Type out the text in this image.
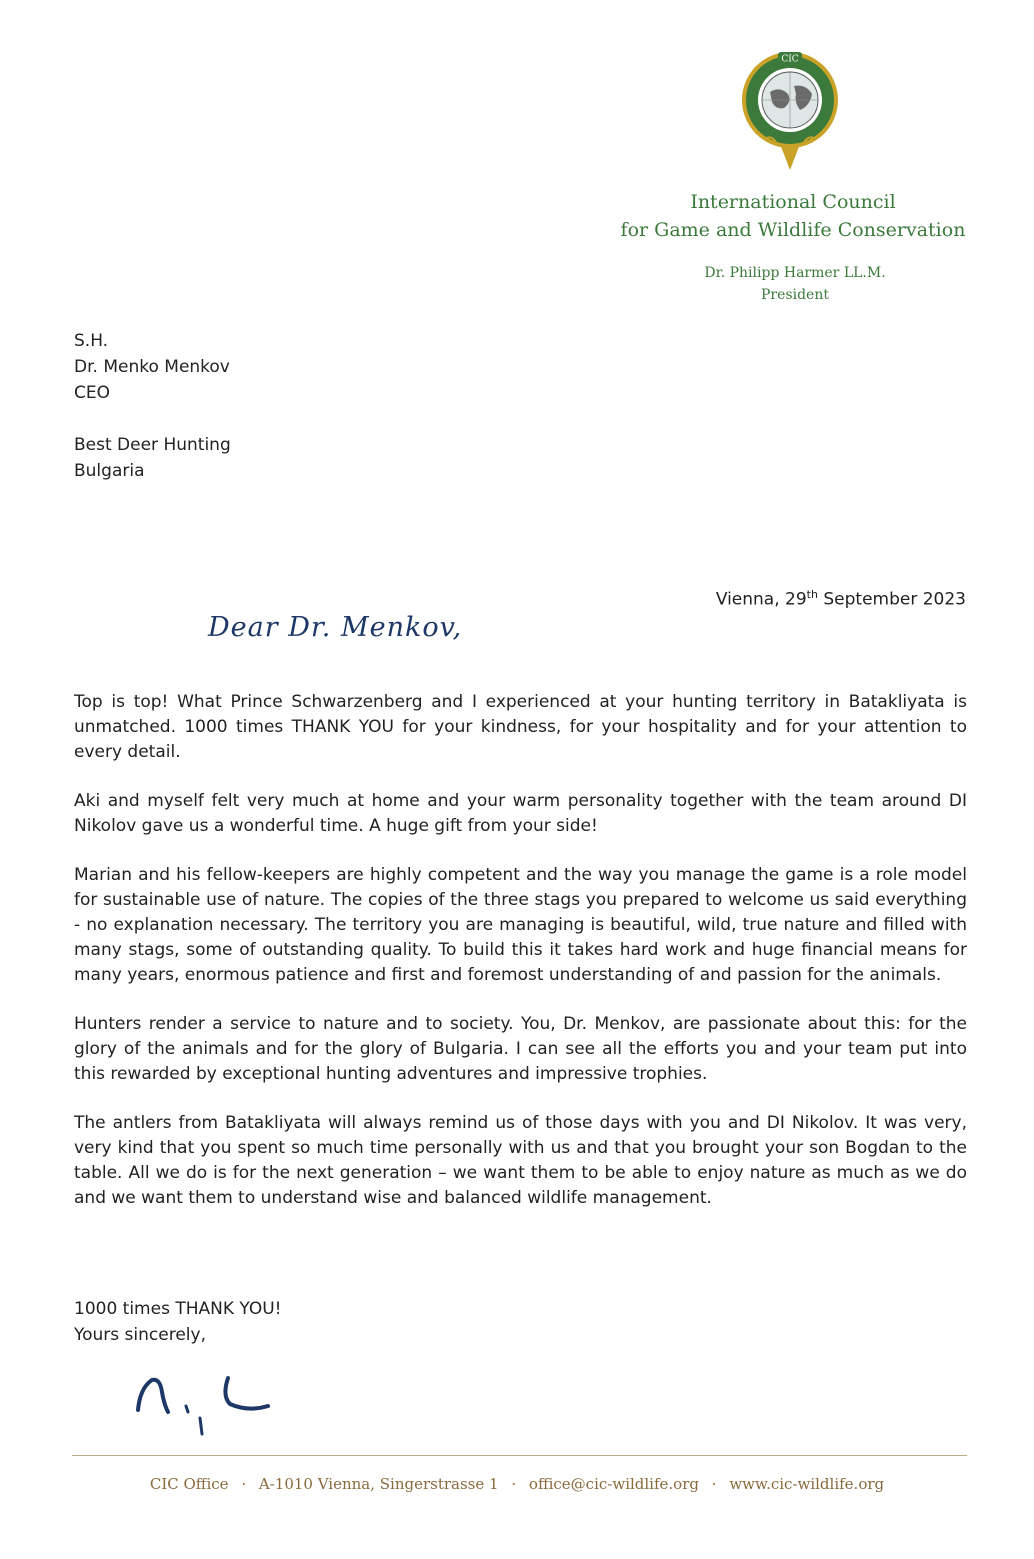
CIC
International Council
for Game and Wildlife Conservation
Dr. Philipp Harmer LL.M.
President
S.H.
Dr. Menko Menkov
CEO
Best Deer Hunting
Bulgaria
Vienna, 29th September 2023
Dear Dr. Menkov,

Top is top! What Prince Schwarzenberg and I experienced at your hunting territory in Batakliyata is unmatched. 1000 times THANK YOU for your kindness, for your hospitality and for your attention to every detail.

Aki and myself felt very much at home and your warm personality together with the team around DI Nikolov gave us a wonderful time. A huge gift from your side!

Marian and his fellow-keepers are highly competent and the way you manage the game is a role model for sustainable use of nature. The copies of the three stags you prepared to welcome us said everything - no explanation necessary. The territory you are managing is beautiful, wild, true nature and filled with many stags, some of outstanding quality. To build this it takes hard work and huge financial means for many years, enormous patience and first and foremost understanding of and passion for the animals.

Hunters render a service to nature and to society. You, Dr. Menkov, are passionate about this: for the glory of the animals and for the glory of Bulgaria. I can see all the efforts you and your team put into this rewarded by exceptional hunting adventures and impressive trophies.

The antlers from Batakliyata will always remind us of those days with you and DI Nikolov. It was very, very kind that you spent so much time personally with us and that you brought your son Bogdan to the table. All we do is for the next generation – we want them to be able to enjoy nature as much as we do and we want them to understand wise and balanced wildlife management.

1000 times THANK YOU!
Yours sincerely,
CIC Office · A-1010 Vienna, Singerstrasse 1 · office@cic-wildlife.org · www.cic-wildlife.org
